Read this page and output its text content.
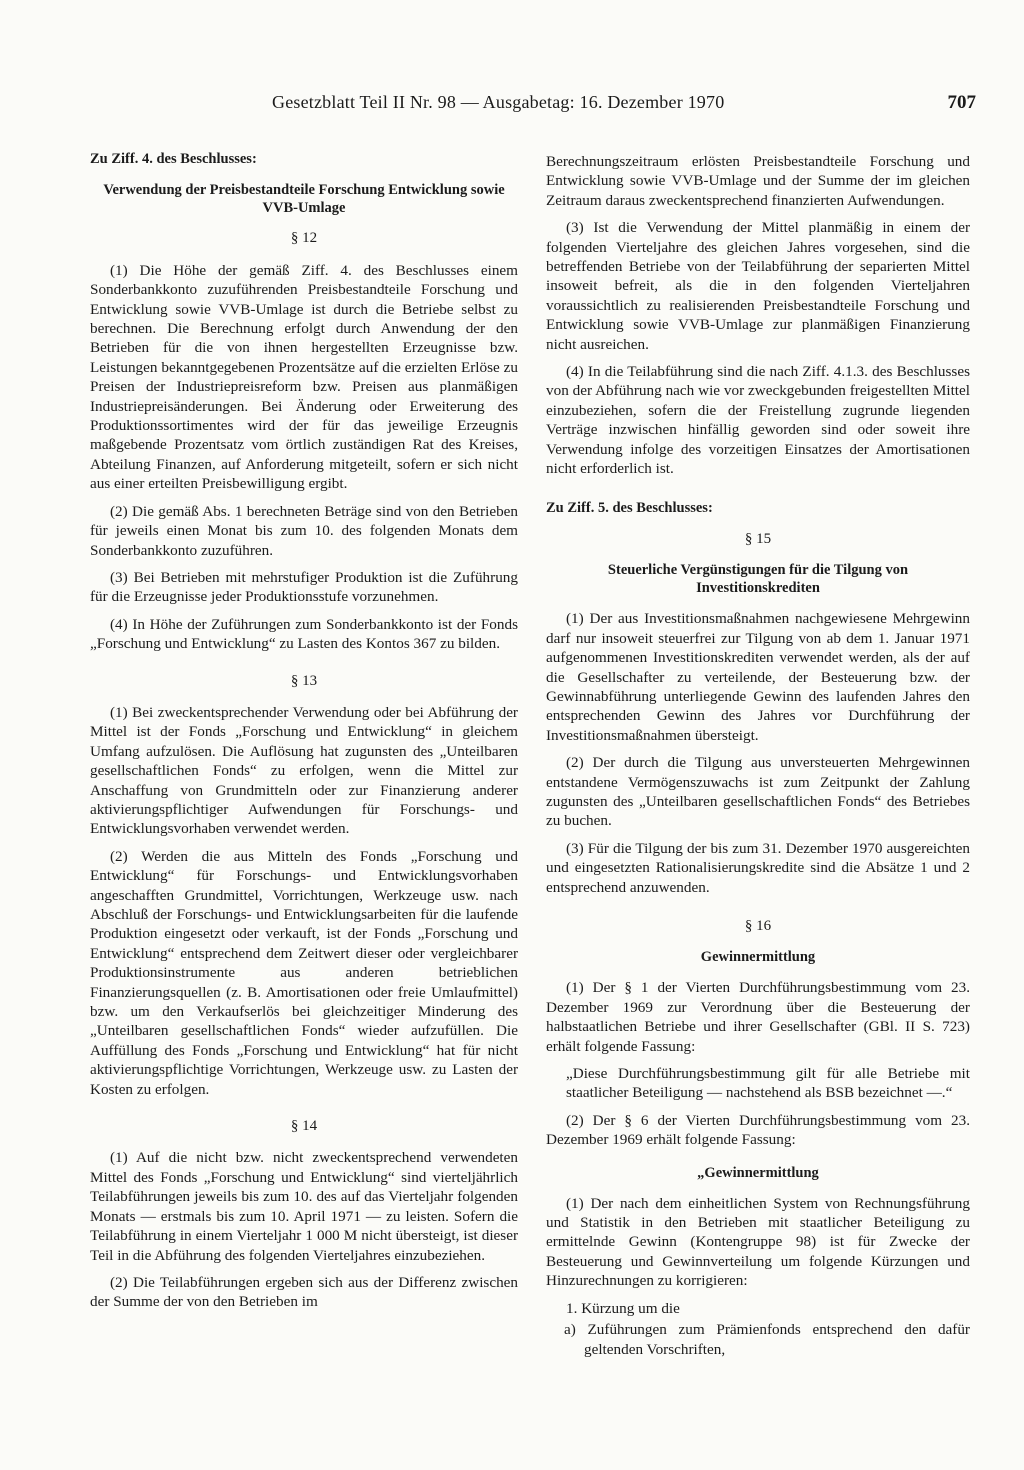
Gesetzblatt Teil II Nr. 98 — Ausgabetag: 16. Dezember 1970	707
Zu Ziff. 4. des Beschlusses:
Verwendung der Preisbestandteile Forschung Entwicklung sowie VVB-Umlage
§ 12

(1) Die Höhe der gemäß Ziff. 4. des Beschlusses einem Sonderbankkonto zuzuführenden Preisbestandteile Forschung und Entwicklung sowie VVB-Umlage ist durch die Betriebe selbst zu berechnen. Die Berechnung erfolgt durch Anwendung der den Betrieben für die von ihnen hergestellten Erzeugnisse bzw. Leistungen bekanntgegebenen Prozentsätze auf die erzielten Erlöse zu Preisen der Industriepreisreform bzw. Preisen aus planmäßigen Industriepreisänderungen. Bei Änderung oder Erweiterung des Produktionssortimentes wird der für das jeweilige Erzeugnis maßgebende Prozentsatz vom örtlich zuständigen Rat des Kreises, Abteilung Finanzen, auf Anforderung mitgeteilt, sofern er sich nicht aus einer erteilten Preisbewilligung ergibt.

(2) Die gemäß Abs. 1 berechneten Beträge sind von den Betrieben für jeweils einen Monat bis zum 10. des folgenden Monats dem Sonderbankkonto zuzuführen.

(3) Bei Betrieben mit mehrstufiger Produktion ist die Zuführung für die Erzeugnisse jeder Produktionsstufe vorzunehmen.

(4) In Höhe der Zuführungen zum Sonderbankkonto ist der Fonds „Forschung und Entwicklung“ zu Lasten des Kontos 367 zu bilden.

§ 13

(1) Bei zweckentsprechender Verwendung oder bei Abführung der Mittel ist der Fonds „Forschung und Entwicklung“ in gleichem Umfang aufzulösen. Die Auflösung hat zugunsten des „Unteilbaren gesellschaftlichen Fonds“ zu erfolgen, wenn die Mittel zur Anschaffung von Grundmitteln oder zur Finanzierung anderer aktivierungspflichtiger Aufwendungen für Forschungs- und Entwicklungsvorhaben verwendet werden.

(2) Werden die aus Mitteln des Fonds „Forschung und Entwicklung“ für Forschungs- und Entwicklungsvorhaben angeschafften Grundmittel, Vorrichtungen, Werkzeuge usw. nach Abschluß der Forschungs- und Entwicklungsarbeiten für die laufende Produktion eingesetzt oder verkauft, ist der Fonds „Forschung und Entwicklung“ entsprechend dem Zeitwert dieser oder vergleichbarer Produktionsinstrumente aus anderen betrieblichen Finanzierungsquellen (z. B. Amortisationen oder freie Umlaufmittel) bzw. um den Verkaufserlös bei gleichzeitiger Minderung des „Unteilbaren gesellschaftlichen Fonds“ wieder aufzufüllen. Die Auffüllung des Fonds „Forschung und Entwicklung“ hat für nicht aktivierungspflichtige Vorrichtungen, Werkzeuge usw. zu Lasten der Kosten zu erfolgen.

§ 14

(1) Auf die nicht bzw. nicht zweckentsprechend verwendeten Mittel des Fonds „Forschung und Entwicklung“ sind vierteljährlich Teilabführungen jeweils bis zum 10. des auf das Vierteljahr folgenden Monats — erstmals bis zum 10. April 1971 — zu leisten. Sofern die Teilabführung in einem Vierteljahr 1 000 M nicht übersteigt, ist dieser Teil in die Abführung des folgenden Vierteljahres einzubeziehen.

(2) Die Teilabführungen ergeben sich aus der Differenz zwischen der Summe der von den Betrieben im

Berechnungszeitraum erlösten Preisbestandteile Forschung und Entwicklung sowie VVB-Umlage und der Summe der im gleichen Zeitraum daraus zweckentsprechend finanzierten Aufwendungen.

(3) Ist die Verwendung der Mittel planmäßig in einem der folgenden Vierteljahre des gleichen Jahres vorgesehen, sind die betreffenden Betriebe von der Teilabführung der separierten Mittel insoweit befreit, als die in den folgenden Vierteljahren voraussichtlich zu realisierenden Preisbestandteile Forschung und Entwicklung sowie VVB-Umlage zur planmäßigen Finanzierung nicht ausreichen.

(4) In die Teilabführung sind die nach Ziff. 4.1.3. des Beschlusses von der Abführung nach wie vor zweckgebunden freigestellten Mittel einzubeziehen, sofern die der Freistellung zugrunde liegenden Verträge inzwischen hinfällig geworden sind oder soweit ihre Verwendung infolge des vorzeitigen Einsatzes der Amortisationen nicht erforderlich ist.

Zu Ziff. 5. des Beschlusses:
§ 15
Steuerliche Vergünstigungen für die Tilgung von Investitionskrediten

(1) Der aus Investitionsmaßnahmen nachgewiesene Mehrgewinn darf nur insoweit steuerfrei zur Tilgung von ab dem 1. Januar 1971 aufgenommenen Investitionskrediten verwendet werden, als der auf die Gesellschafter zu verteilende, der Besteuerung bzw. der Gewinnabführung unterliegende Gewinn des laufenden Jahres den entsprechenden Gewinn des Jahres vor Durchführung der Investitionsmaßnahmen übersteigt.

(2) Der durch die Tilgung aus unversteuerten Mehrgewinnen entstandene Vermögenszuwachs ist zum Zeitpunkt der Zahlung zugunsten des „Unteilbaren gesellschaftlichen Fonds“ des Betriebes zu buchen.

(3) Für die Tilgung der bis zum 31. Dezember 1970 ausgereichten und eingesetzten Rationalisierungskredite sind die Absätze 1 und 2 entsprechend anzuwenden.

§ 16
Gewinnermittlung

(1) Der § 1 der Vierten Durchführungsbestimmung vom 23. Dezember 1969 zur Verordnung über die Besteuerung der halbstaatlichen Betriebe und ihrer Gesellschafter (GBl. II S. 723) erhält folgende Fassung:

„Diese Durchführungsbestimmung gilt für alle Betriebe mit staatlicher Beteiligung — nachstehend als BSB bezeichnet —.“

(2) Der § 6 der Vierten Durchführungsbestimmung vom 23. Dezember 1969 erhält folgende Fassung:

„Gewinnermittlung

(1) Der nach dem einheitlichen System von Rechnungsführung und Statistik in den Betrieben mit staatlicher Beteiligung zu ermittelnde Gewinn (Kontengruppe 98) ist für Zwecke der Besteuerung und Gewinnverteilung um folgende Kürzungen und Hinzurechnungen zu korrigieren:

1. Kürzung um die
a) Zuführungen zum Prämienfonds entsprechend den dafür geltenden Vorschriften,
